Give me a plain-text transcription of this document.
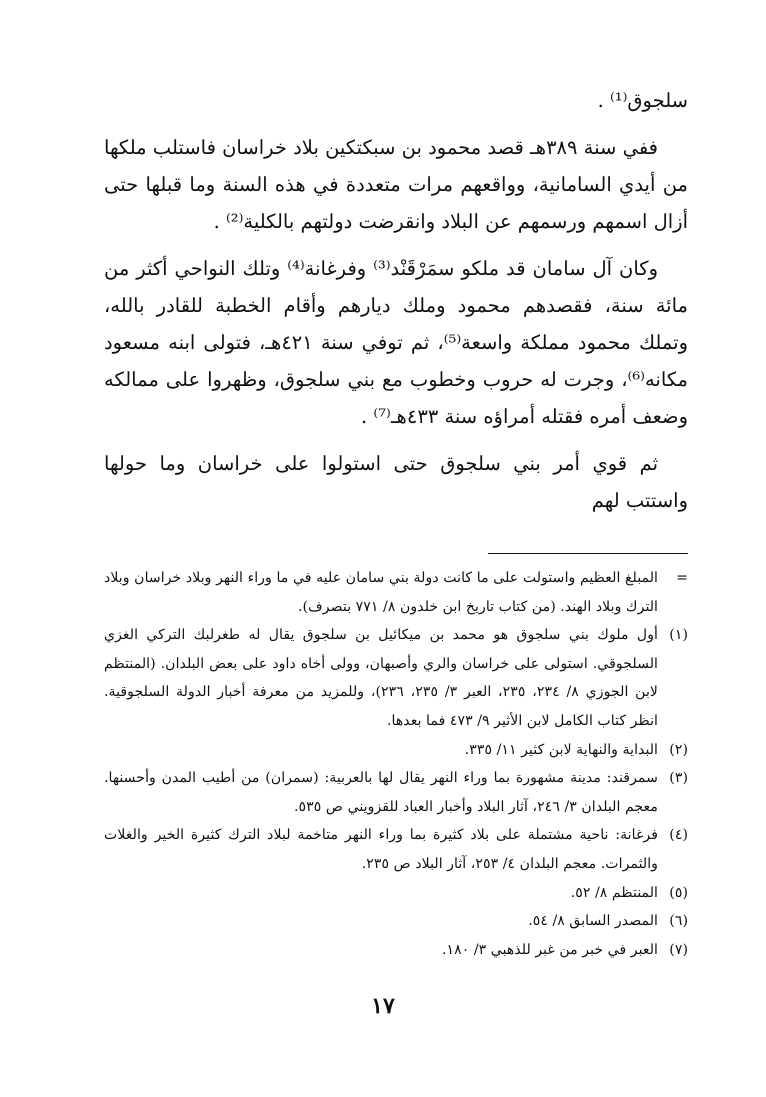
سلجوق⁽¹⁾ .

ففي سنة ٣٨٩هـ قصد محمود بن سبكتكين بلاد خراسان فاستلب ملكها من أيدي السامانية، وواقعهم مرات متعددة في هذه السنة وما قبلها حتى أزال اسمهم ورسمهم عن البلاد وانقرضت دولتهم بالكلية⁽²⁾ .

وكان آل سامان قد ملكو سمَرْقَنْد⁽³⁾ وفرغانة⁽⁴⁾ وتلك النواحي أكثر من مائة سنة، فقصدهم محمود وملك ديارهم وأقام الخطبة للقادر بالله، وتملك محمود مملكة واسعة⁽⁵⁾، ثم توفي سنة ٤٢١هـ، فتولى ابنه مسعود مكانه⁽⁶⁾، وجرت له حروب وخطوب مع بني سلجوق، وظهروا على ممالكه وضعف أمره فقتله أمراؤه سنة ٤٣٣هـ⁽⁷⁾ .

ثم قوي أمر بني سلجوق حتى استولوا على خراسان وما حولها واستتب لهم

=

المبلغ العظيم واستولت على ما كانت دولة بني سامان عليه في ما وراء النهر وبلاد خراسان وبلاد الترك وبلاد الهند. (من كتاب تاريخ ابن خلدون ٨/ ٧٧١ بتصرف).

(١)

أول ملوك بني سلجوق هو محمد بن ميكائيل بن سلجوق يقال له طغرلبك التركي الغزي السلجوقي. استولى على خراسان والري وأصبهان، وولى أخاه داود على بعض البلدان. (المنتظم لابن الجوزي ٨/ ٢٣٤، ٢٣٥، العبر ٣/ ٢٣٥، ٢٣٦)، وللمزيد من معرفة أخبار الدولة السلجوقية. انظر كتاب الكامل لابن الأثير ٩/ ٤٧٣ فما بعدها.

(٢)

البداية والنهاية لابن كثير ١١/ ٣٣٥.

(٣)

سمرقند: مدينة مشهورة بما وراء النهر يقال لها بالعربية: (سمران) من أطيب المدن وأحسنها. معجم البلدان ٣/ ٢٤٦، آثار البلاد وأخبار العباد للقزويني ص ٥٣٥.

(٤)

فرغانة: ناحية مشتملة على بلاد كثيرة بما وراء النهر متاخمة لبلاد الترك كثيرة الخير والغلات والثمرات. معجم البلدان ٤/ ٢٥٣، آثار البلاد ص ٢٣٥.

(٥)

المنتظم ٨/ ٥٢.

(٦)

المصدر السابق ٨/ ٥٤.

(٧)

العبر في خبر من غبر للذهبي ٣/ ١٨٠.

١٧
